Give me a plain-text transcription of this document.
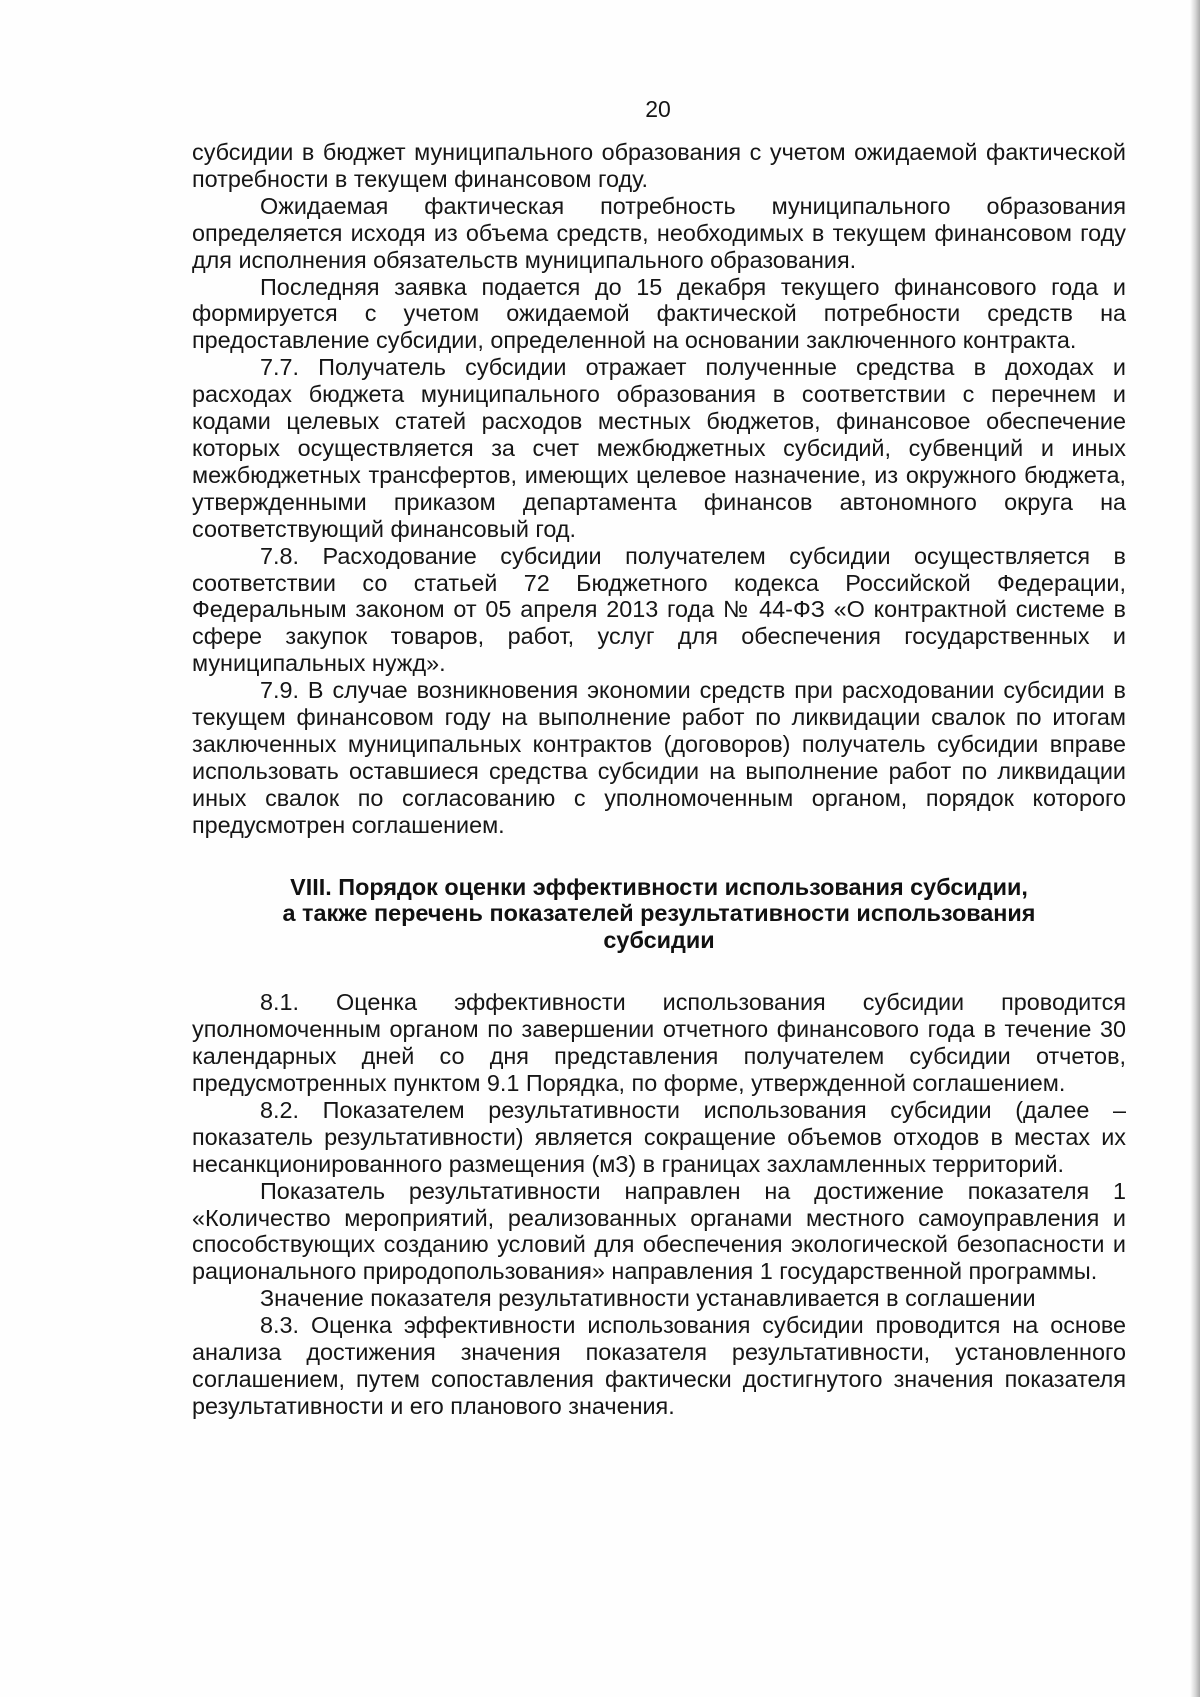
20

субсидии в бюджет муниципального образования с учетом ожидаемой фактической потребности в текущем финансовом году.

Ожидаемая фактическая потребность муниципального образования определяется исходя из объема средств, необходимых в текущем финансовом году для исполнения обязательств муниципального образования.

Последняя заявка подается до 15 декабря текущего финансового года и формируется с учетом ожидаемой фактической потребности средств на предоставление субсидии, определенной на основании заключенного контракта.

7.7. Получатель субсидии отражает полученные средства в доходах и расходах бюджета муниципального образования в соответствии с перечнем и кодами целевых статей расходов местных бюджетов, финансовое обеспечение которых осуществляется за счет межбюджетных субсидий, субвенций и иных межбюджетных трансфертов, имеющих целевое назначение, из окружного бюджета, утвержденными приказом департамента финансов автономного округа на соответствующий финансовый год.

7.8. Расходование субсидии получателем субсидии осуществляется в соответствии со статьей 72 Бюджетного кодекса Российской Федерации, Федеральным законом от 05 апреля 2013 года № 44-ФЗ «О контрактной системе в сфере закупок товаров, работ, услуг для обеспечения государственных и муниципальных нужд».

7.9. В случае возникновения экономии средств при расходовании субсидии в текущем финансовом году на выполнение работ по ликвидации свалок по итогам заключенных муниципальных контрактов (договоров) получатель субсидии вправе использовать оставшиеся средства субсидии на выполнение работ по ликвидации иных свалок по согласованию с уполномоченным органом, порядок которого предусмотрен соглашением.

VIII. Порядок оценки эффективности использования субсидии,
а также перечень показателей результативности использования
субсидии

8.1. Оценка эффективности использования субсидии проводится уполномоченным органом по завершении отчетного финансового года в течение 30 календарных дней со дня представления получателем субсидии отчетов, предусмотренных пунктом 9.1 Порядка, по форме, утвержденной соглашением.

8.2. Показателем результативности использования субсидии (далее – показатель результативности) является сокращение объемов отходов в местах их несанкционированного размещения (м3) в границах захламленных территорий.

Показатель результативности направлен на достижение показателя 1 «Количество мероприятий, реализованных органами местного самоуправления и способствующих созданию условий для обеспечения экологической безопасности и рационального природопользования» направления 1 государственной программы.

Значение показателя результативности устанавливается в соглашении

8.3. Оценка эффективности использования субсидии проводится на основе анализа достижения значения показателя результативности, установленного соглашением, путем сопоставления фактически достигнутого значения показателя результативности и его планового значения.
